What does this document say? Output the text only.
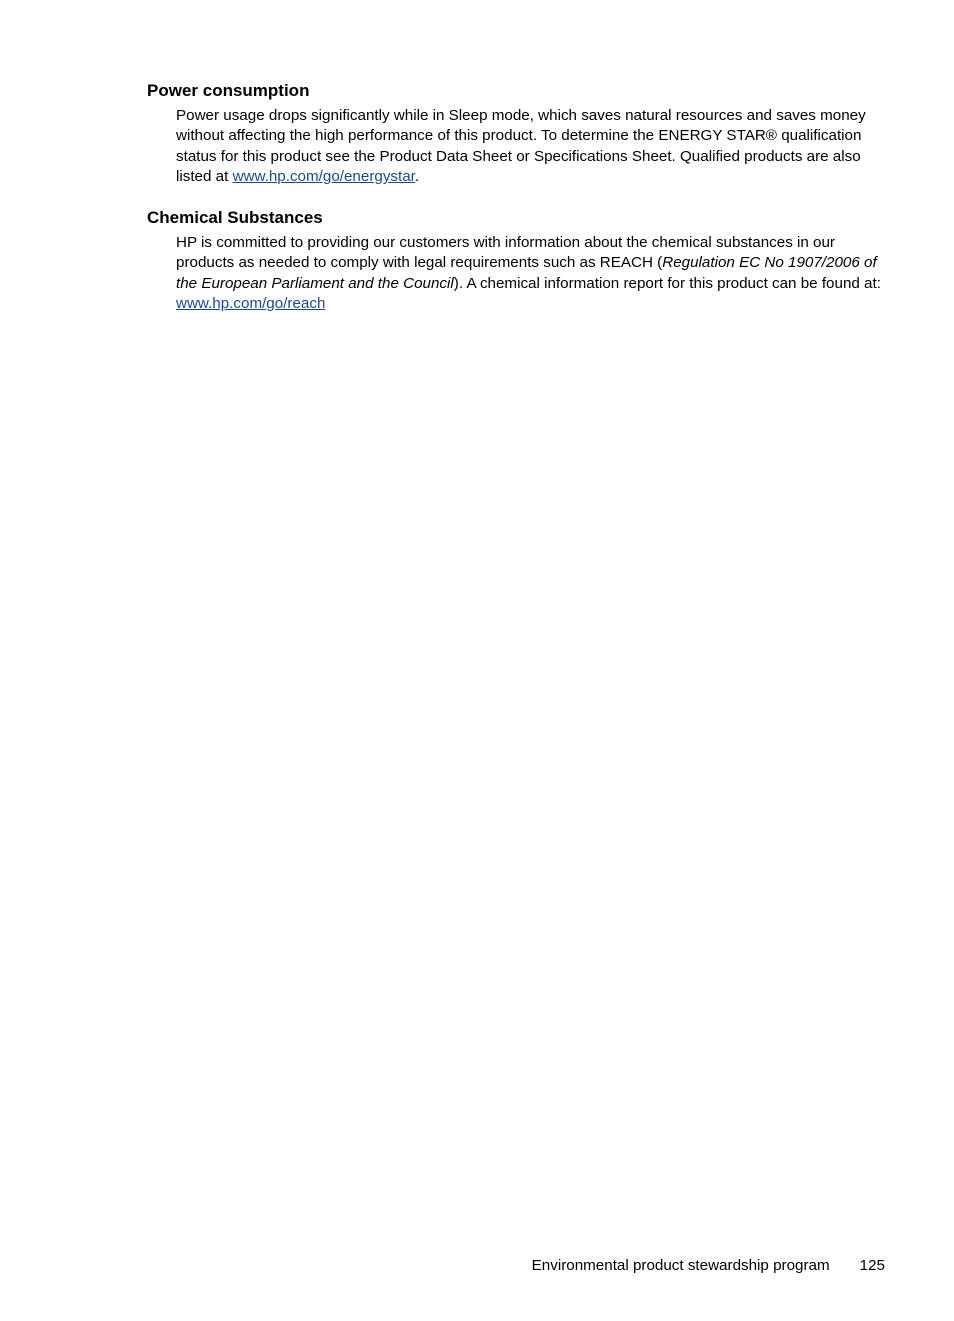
Power consumption

Power usage drops significantly while in Sleep mode, which saves natural resources and saves money without affecting the high performance of this product. To determine the ENERGY STAR® qualification status for this product see the Product Data Sheet or Specifications Sheet. Qualified products are also listed at www.hp.com/go/energystar.

Chemical Substances

HP is committed to providing our customers with information about the chemical substances in our products as needed to comply with legal requirements such as REACH (Regulation EC No 1907/2006 of the European Parliament and the Council). A chemical information report for this product can be found at: www.hp.com/go/reach

Environmental product stewardship program 125
